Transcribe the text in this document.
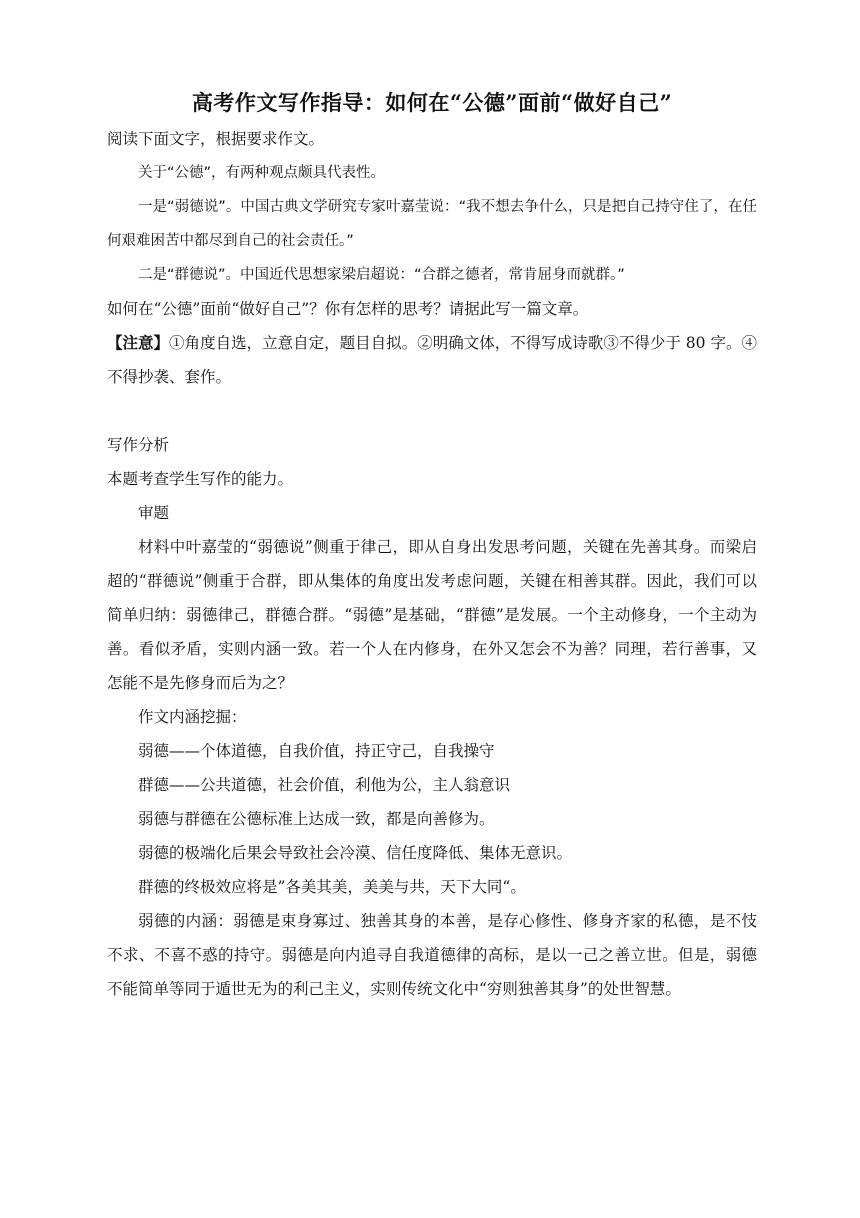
高考作文写作指导：如何在“公德”面前“做好自己”

阅读下面文字，根据要求作文。

关于“公德”，有两种观点颇具代表性。

一是“弱德说”。中国古典文学研究专家叶嘉莹说：“我不想去争什么，只是把自己持守住了，在任何艰难困苦中都尽到自己的社会责任。”

二是“群德说”。中国近代思想家梁启超说：“合群之德者，常肯屈身而就群。”

如何在“公德”面前“做好自己”？你有怎样的思考？请据此写一篇文章。

【注意】①角度自选，立意自定，题目自拟。②明确文体，不得写成诗歌③不得少于 80 字。④不得抄袭、套作。

写作分析

本题考查学生写作的能力。

审题

材料中叶嘉莹的“弱德说”侧重于律己，即从自身出发思考问题，关键在先善其身。而梁启超的“群德说”侧重于合群，即从集体的角度出发考虑问题，关键在相善其群。因此，我们可以简单归纳：弱德律己，群德合群。“弱德”是基础，“群德”是发展。一个主动修身，一个主动为善。看似矛盾，实则内涵一致。若一个人在内修身，在外又怎会不为善？同理，若行善事，又怎能不是先修身而后为之？

作文内涵挖掘：

弱德——个体道德，自我价值，持正守己，自我操守

群德——公共道德，社会价值，利他为公，主人翁意识

弱德与群德在公德标准上达成一致，都是向善修为。

弱德的极端化后果会导致社会冷漠、信任度降低、集体无意识。

群德的终极效应将是”各美其美，美美与共，天下大同“。

弱德的内涵：弱德是束身寡过、独善其身的本善，是存心修性、修身齐家的私德，是不忮不求、不喜不惑的持守。弱德是向内追寻自我道德律的高标，是以一己之善立世。但是，弱德不能简单等同于遁世无为的利己主义，实则传统文化中“穷则独善其身”的处世智慧。
